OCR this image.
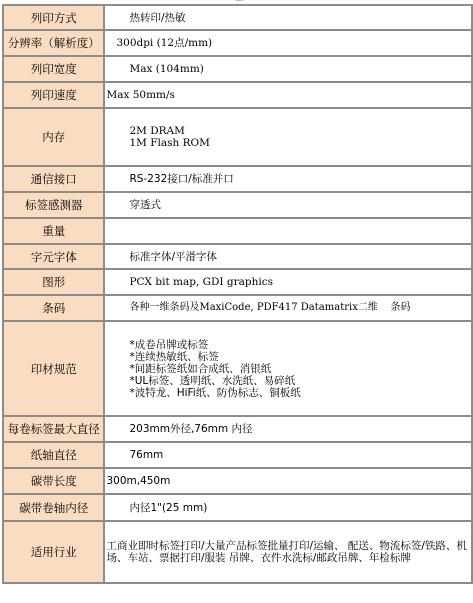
列印方式	热转印/热敏

分辨率（解析度）	300dpi (12点/mm)

列印宽度	Max (104mm)

列印速度	Max 50mm/s

内存	2M DRAM
1M Flash ROM

通信接口	RS-232接口/标准并口

标签感测器	穿透式

重量	

字元字体	标准字体/平滑字体

图形	PCX bit map, GDI graphics

条码	各种一维条码及MaxiCode, PDF417 Datamatrix二维    条码

印材规范	*成卷吊牌或标签
*连续热敏纸、标签
*间距标签纸如合成纸、消银纸
*UL标签、透明纸、水洗纸、易碎纸
*波特龙、HiFi纸、防伪标志、铜板纸

每卷标签最大直径	203mm外径,76mm 内径

纸轴直径	76mm

碳带长度	300m,450m

碳带卷轴内径	内径1"(25 mm)

适用行业	工商业即时标签打印/大量产品标签批量打印/运输、 配送、物流标签/铁路、机场、车站、票据打印/服装 吊牌、衣件水洗标/邮政吊牌、年检标牌
